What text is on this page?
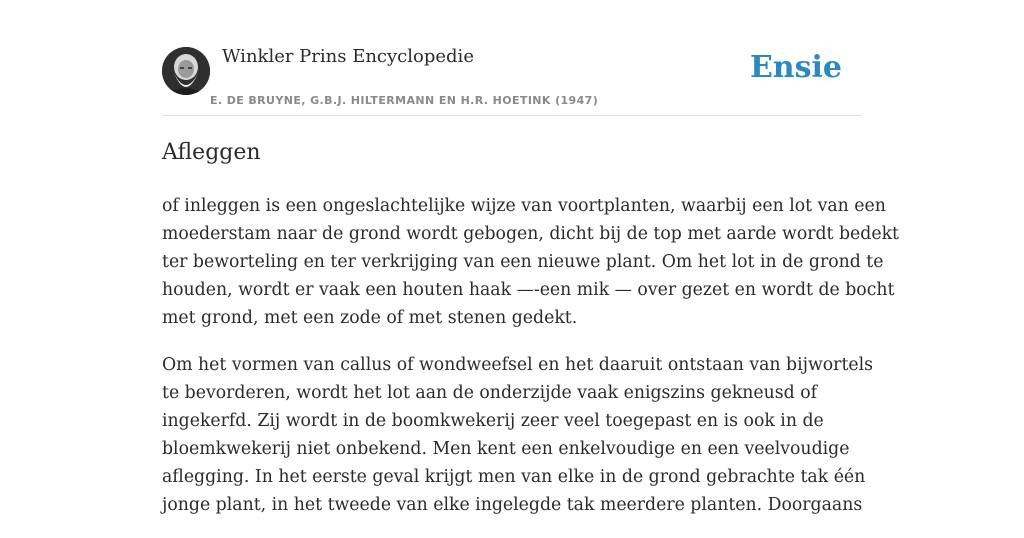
Winkler Prins Encyclopedie
E. DE BRUYNE, G.B.J. HILTERMANN EN H.R. HOETINK (1947)
Ensie
Afleggen

of inleggen is een ongeslachtelijke wijze van voortplanten, waarbij een lot van een
moederstam naar de grond wordt gebogen, dicht bij de top met aarde wordt bedekt
ter beworteling en ter verkrijging van een nieuwe plant. Om het lot in de grond te
houden, wordt er vaak een houten haak —-een mik — over gezet en wordt de bocht
met grond, met een zode of met stenen gedekt.

Om het vormen van callus of wondweefsel en het daaruit ontstaan van bijwortels
te bevorderen, wordt het lot aan de onderzijde vaak enigszins gekneusd of
ingekerfd. Zij wordt in de boomkwekerij zeer veel toegepast en is ook in de
bloemkwekerij niet onbekend. Men kent een enkelvoudige en een veelvoudige
aflegging. In het eerste geval krijgt men van elke in de grond gebrachte tak één
jonge plant, in het tweede van elke ingelegde tak meerdere planten. Doorgaans
